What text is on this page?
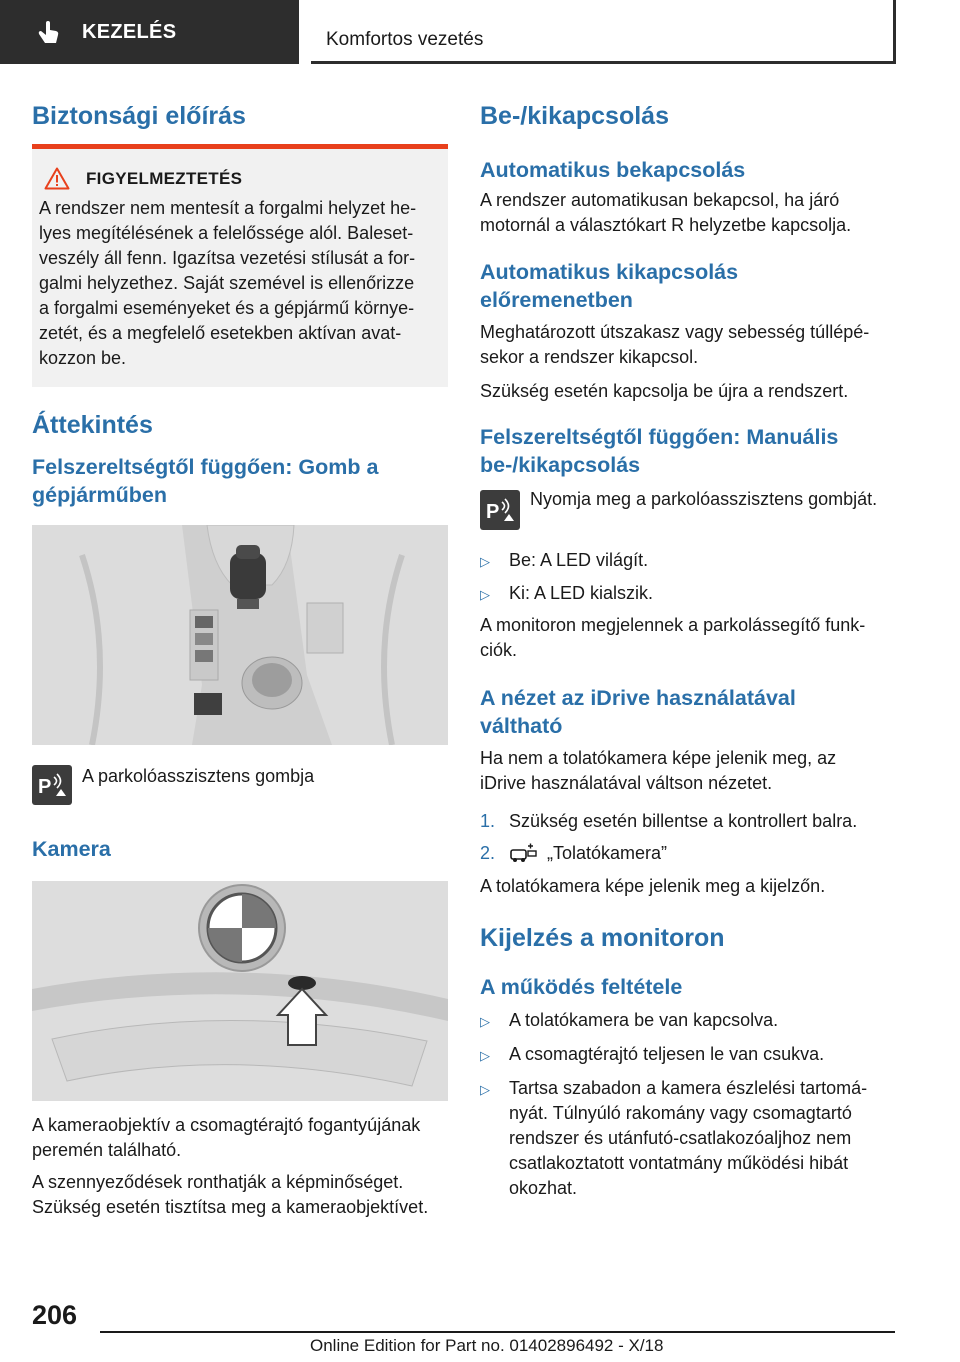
KEZELÉS	Komfortos vezetés
Biztonsági előírás
FIGYELMEZTETÉS
A rendszer nem mentesít a forgalmi helyzet he-
lyes megítélésének a felelőssége alól. Baleset-
veszély áll fenn. Igazítsa vezetési stílusát a for-
galmi helyzethez. Saját szemével is ellenőrizze
a forgalmi eseményeket és a gépjármű környe-
zetét, és a megfelelő esetekben aktívan avat-
kozzon be.
Áttekintés
Felszereltségtől függően: Gomb a
gépjárműben
P A parkolóasszisztens gombja
Kamera
A kameraobjektív a csomagtérajtó fogantyújának
peremén található.
A szennyeződések ronthatják a képminőséget.
Szükség esetén tisztítsa meg a kameraobjektívet.
Be-/kikapcsolás
Automatikus bekapcsolás
A rendszer automatikusan bekapcsol, ha járó
motornál a választókart R helyzetbe kapcsolja.
Automatikus kikapcsolás
előremenetben
Meghatározott útszakasz vagy sebesség túllépé-
sekor a rendszer kikapcsol.
Szükség esetén kapcsolja be újra a rendszert.
Felszereltségtől függően: Manuális
be-/kikapcsolás
P
Nyomja meg a parkolóasszisztens gombját.
▷	Be: A LED világít.
▷	Ki: A LED kialszik.
A monitoron megjelennek a parkolássegítő funk-
ciók.
A nézet az iDrive használatával
váltható
Ha nem a tolatókamera képe jelenik meg, az
iDrive használatával váltson nézetet.
1. Szükség esetén billentse a kontrollert balra.
2.	„Tolatókamera”
A tolatókamera képe jelenik meg a kijelzőn.
Kijelzés a monitoron
A működés feltétele
▷	A tolatókamera be van kapcsolva.
▷	A csomagtérajtó teljesen le van csukva.
▷	Tartsa szabadon a kamera észlelési tartomá-
nyát. Túlnyúló rakomány vagy csomagtartó
rendszer és utánfutó-csatlakozóaljhoz nem
csatlakoztatott vontatmány működési hibát
okozhat.
206
Online Edition for Part no. 01402896492 - X/18
